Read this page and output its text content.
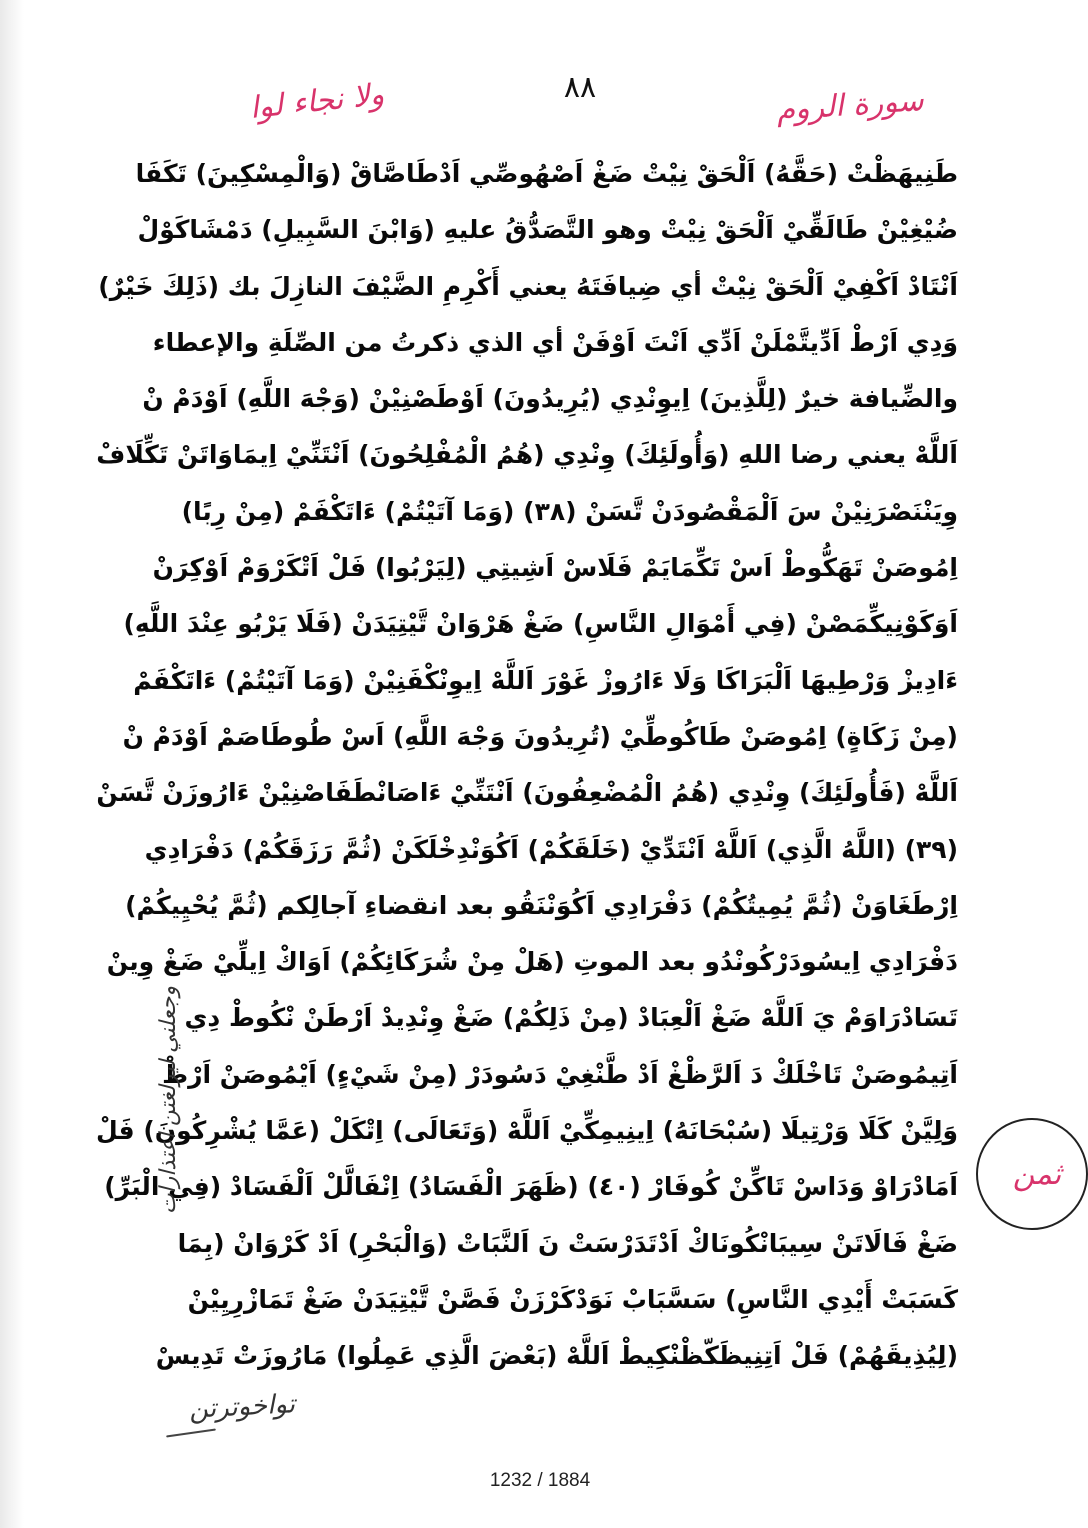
٨٨
ولا نجاء لوا	سورة الروم
طَنِيهَظْتْ (حَقَّهُ) اَلْحَقْ نِيْتْ ضَغْ اَصْهُوصِّي اَدْطَاصَّاقْ (وَالْمِسْكِينَ) تَكَفَا
ضُيْغِيْنْ طَالَقِّيْ اَلْحَقْ نِيْتْ وهو التَّصَدُّقُ عليهِ (وَابْنَ السَّبِيلِ) دَمْشَاكَوْلْ
اَنْتَادْ اَكْفِيْ اَلْحَقْ نِيْتْ أي ضِيافَتَهُ يعني أَكْرِمِ الضَّيْفَ النازِلَ بك (ذَلِكَ خَيْرٌ)
وَدِي اَرْطْ اَدِّيتَّمْلَنْ اَدِّي اَنْتَ اَوْفَنْ أي الذي ذكرتُ من الصِّلَةِ والإعطاء
والضِّيافة خيرٌ (لِلَّذِينَ) اِيوِنْدِي (يُرِيدُونَ) اَوْطَصْنِيْنْ (وَجْهَ اللَّهِ) اَوْدَمْ نْ
اَللَّهْ يعني رضا اللهِ (وَأُولَئِكَ) وِنْدِي (هُمُ الْمُفْلِحُونَ) اَنْتَنِّيْ اِيمَاوَاتَنْ تَكِّلَافْ
وِيَنْنَصْرَنِيْنْ سَ اَلْمَقْصُودَنْ تَّسَنْ (٣٨) (وَمَا آتَيْتُمْ) ءَاتَكْفَمْ (مِنْ رِبًا)
اِمُوصَنْ تَهَكُّوطْ اَسْ تَكِّمَايَمْ فَلَاسْ اَشِيتِي (لِيَرْبُوا) فَلْ اَتْكَرْوَمْ اَوْكِرَنْ
اَوَكَوْنِيكِّمَصْنْ (فِي أَمْوَالِ النَّاسِ) ضَغْ هَرْوَانْ تَّيْتِيَدَنْ (فَلَا يَرْبُو عِنْدَ اللَّهِ)
ءَادِيزْ وَرْطِيهَا اَلْبَرَاكَا وَلَا ءَارُوزْ غَوْرَ اَللَّهْ اِيوِنْكْفَنِيْنْ (وَمَا آتَيْتُمْ) ءَاتَكْفَمْ
(مِنْ زَكَاةٍ) اِمُوصَنْ طَاكُوطِّيْ (تُرِيدُونَ وَجْهَ اللَّهِ) اَسْ طُوطَاصَمْ اَوْدَمْ نْ
اَللَّهْ (فَأُولَئِكَ) وِنْدِي (هُمُ الْمُضْعِفُونَ) اَنْتَنِّيْ ءَاصَانْطَفَاصْنِيْنْ ءَارُوزَنْ تَّسَنْ
(٣٩) (اللَّهُ الَّذِي) اَللَّهْ اَنْتَدِّيْ (خَلَقَكُمْ) اَكُوَنْدِخْلَكَنْ (ثُمَّ رَزَقَكُمْ) دَفْرَادِي
اِرْطَغَاوَنْ (ثُمَّ يُمِيتُكُمْ) دَفْرَادِي اَكُوَنْنَقُو بعد انقضاءِ آجالِكم (ثُمَّ يُحْيِيكُمْ)
دَفْرَادِي اِيسُودَرْكُونْدُو بعد الموتِ (هَلْ مِنْ شُرَكَائِكُمْ) اَوَاكْ اِيلِّيْ ضَغْ وِينْ
تَسَادْرَاوَمْ يَ اَللَّهْ ضَغْ اَلْعِبَادْ (مِنْ ذَلِكُمْ) ضَغْ وِنْدِيدْ اَرْطَنْ نْكُوطْ دِي
اَتِيمُوصَنْ تَاخْلَكْ دَ اَلرَّظْغْ اَدْ طَّنْغِيْ دَسُودَرْ (مِنْ شَيْءٍ) اَيْمُوصَنْ اَرْطْ
وَلِيَّنْ كَلَا وَرْتِيلَا (سُبْحَانَهُ) اِينِيمِكِّيْ اَللَّهْ (وَتَعَالَى) اِتْكَلْ (عَمَّا يُشْرِكُونَ) فَلْ
اَمَادْرَاوْ وَدَاسْ تَاكِّنْ كُوفَارْ (٤٠) (ظَهَرَ الْفَسَادُ) اِنْفَالَّلْ اَلْفَسَادْ (فِي الْبَرِّ)
ضَغْ فَالَاتَنْ سِيبَانْكُونَاكْ اَدْتَدَرْسَتْ نَ اَلنَّبَاتْ (وَالْبَحْرِ) اَدْ كَرْوَانْ (بِمَا
كَسَبَتْ أَيْدِي النَّاسِ) سَسَّبَابْ نَوَدْكَرْزَنْ فَصَّنْ تَّيْتِيَدَنْ ضَغْ تَمَازْرِيِيْنْ
(لِيُذِيقَهُمْ) فَلْ اَتِنِيظَكّظْنْكِيطْ اَللَّهْ (بَعْضَ الَّذِي عَمِلُوا) مَارُوزَتْ تَدِيسْ
ثمن
وجعلني ليرلغتن اعتذارات
تواخوترتن
1232 / 1884
